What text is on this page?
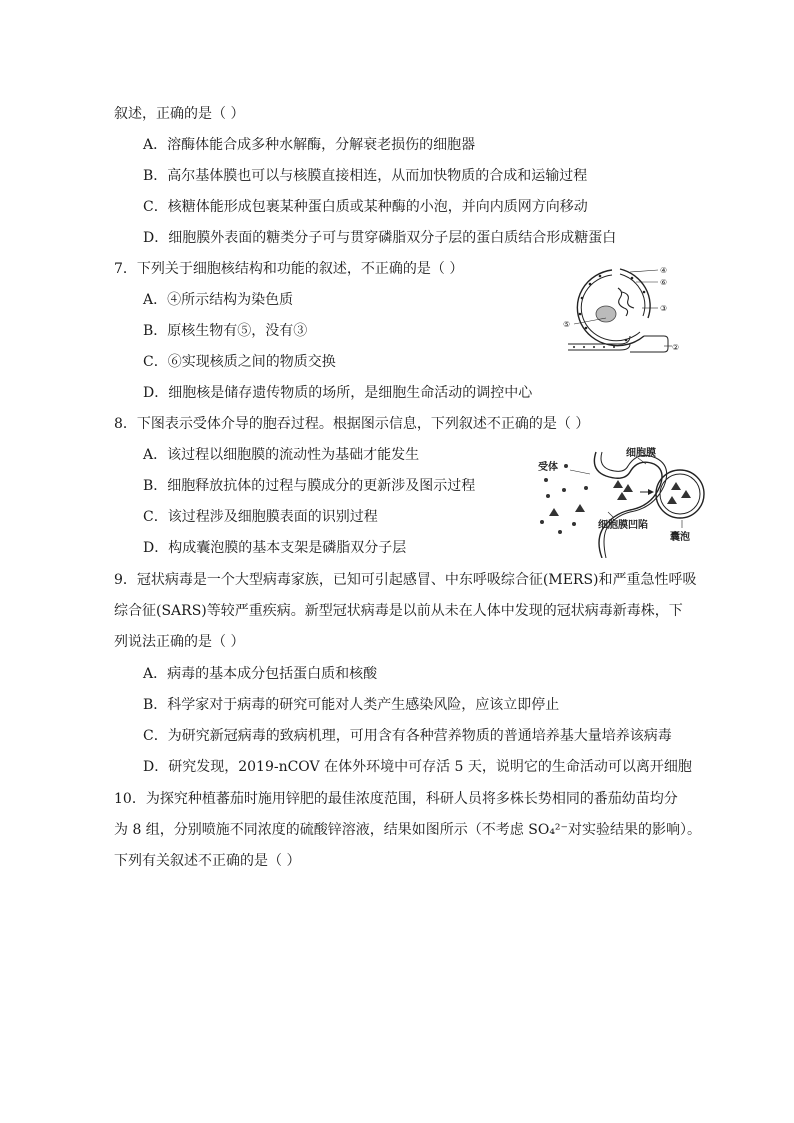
叙述，正确的是（ ）
A．溶酶体能合成多种水解酶，分解衰老损伤的细胞器
B．高尔基体膜也可以与核膜直接相连，从而加快物质的合成和运输过程
C．核糖体能形成包裹某种蛋白质或某种酶的小泡，并向内质网方向移动
D．细胞膜外表面的糖类分子可与贯穿磷脂双分子层的蛋白质结合形成糖蛋白
7．下列关于细胞核结构和功能的叙述，不正确的是（ ）
A．④所示结构为染色质
B．原核生物有⑤，没有③
C．⑥实现核质之间的物质交换
D．细胞核是储存遗传物质的场所，是细胞生命活动的调控中心
④
⑥
③
⑤
②
8．下图表示受体介导的胞吞过程。根据图示信息，下列叙述不正确的是（ ）
A．该过程以细胞膜的流动性为基础才能发生
B．细胞释放抗体的过程与膜成分的更新涉及图示过程
C．该过程涉及细胞膜表面的识别过程
D．构成囊泡膜的基本支架是磷脂双分子层
受体
细胞膜
细胞膜凹陷
囊泡
9．冠状病毒是一个大型病毒家族，已知可引起感冒、中东呼吸综合征(MERS)和严重急性呼吸
综合征(SARS)等较严重疾病。新型冠状病毒是以前从未在人体中发现的冠状病毒新毒株，下
列说法正确的是（ ）
A．病毒的基本成分包括蛋白质和核酸
B．科学家对于病毒的研究可能对人类产生感染风险，应该立即停止
C．为研究新冠病毒的致病机理，可用含有各种营养物质的普通培养基大量培养该病毒
D．研究发现，2019-nCOV 在体外环境中可存活 5 天，说明它的生命活动可以离开细胞
10．为探究种植蕃茄时施用锌肥的最佳浓度范围，科研人员将多株长势相同的番茄幼苗均分
为 8 组，分别喷施不同浓度的硫酸锌溶液，结果如图所示（不考虑 SO₄²⁻对实验结果的影响）。
下列有关叙述不正确的是（ ）
